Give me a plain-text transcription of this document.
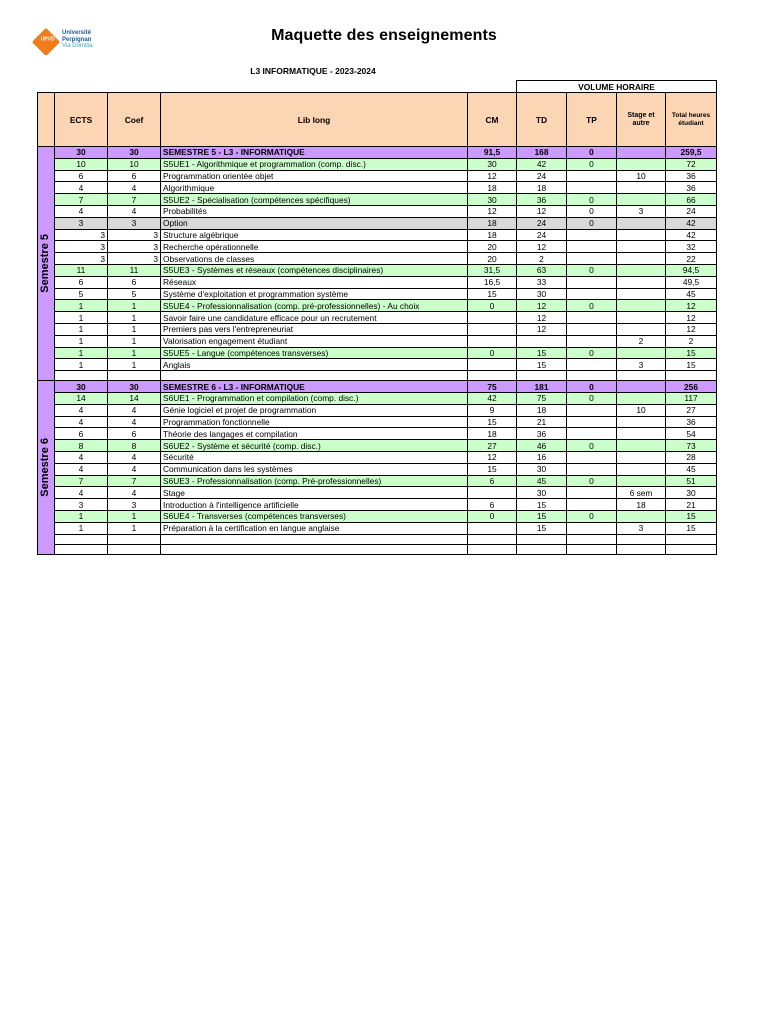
UPVD
Université
Perpignan
Via Domitia
Maquette des enseignements
L3 INFORMATIQUE - 2023-2024
					VOLUME HORAIRE			
	ECTS	Coef	Lib long	CM	TD	TP	Stage et autre	Total heures étudiant

Semestre 5	30	30	SEMESTRE 5 - L3 - INFORMATIQUE	91,5	168	0		259,5
	10	10	S5UE1 - Algorithmique et programmation (comp. disc.)	30	42	0		72
	6	6	Programmation orientée objet	12	24		10	36
	4	4	Algorithmique	18	18			36
	7	7	S5UE2 - Spécialisation (compétences spécifiques)	30	36	0		66
	4	4	Probabilités	12	12	0	3	24
	3	3	Option	18	24	0		42
	3	3	Structure algébrique	18	24			42
	3	3	Recherche opérationnelle	20	12			32
	3	3	Observations de classes	20	2			22
	11	11	S5UE3 - Systèmes et réseaux (compétences disciplinaires)	31,5	63	0		94,5
	6	6	Réseaux	16,5	33			49,5
	5	5	Système d'exploitation et programmation système	15	30			45
	1	1	S5UE4 - Professionnalisation (comp. pré-professionnelles) - Au choix	0	12	0		12
	1	1	Savoir faire une candidature efficace pour un recrutement		12			12
	1	1	Premiers pas vers l'entrepreneuriat		12			12
	1	1	Valorisation engagement étudiant				2	2
	1	1	S5UE5 - Langue (compétences transverses)	0	15	0		15
	1	1	Anglais		15		3	15

Semestre 6	30	30	SEMESTRE 6 - L3 - INFORMATIQUE	75	181	0		256
	14	14	S6UE1 - Programmation et compilation (comp. disc.)	42	75	0		117
	4	4	Génie logiciel et projet de programmation	9	18		10	27
	4	4	Programmation fonctionnelle	15	21			36
	6	6	Théorie des langages et compilation	18	36			54
	8	8	S6UE2 - Système et sécurité (comp. disc.)	27	46	0		73
	4	4	Sécurité	12	16			28
	4	4	Communication dans les systèmes	15	30			45
	7	7	S6UE3 - Professionnalisation (comp. Pré-professionnelles)	6	45	0		51
	4	4	Stage		30		6 sem	30
	3	3	Introduction à l'intelligence artificielle	6	15		18	21
	1	1	S6UE4 - Transverses (compétences transverses)	0	15	0		15
	1	1	Préparation à la certification en langue anglaise		15		3	15
